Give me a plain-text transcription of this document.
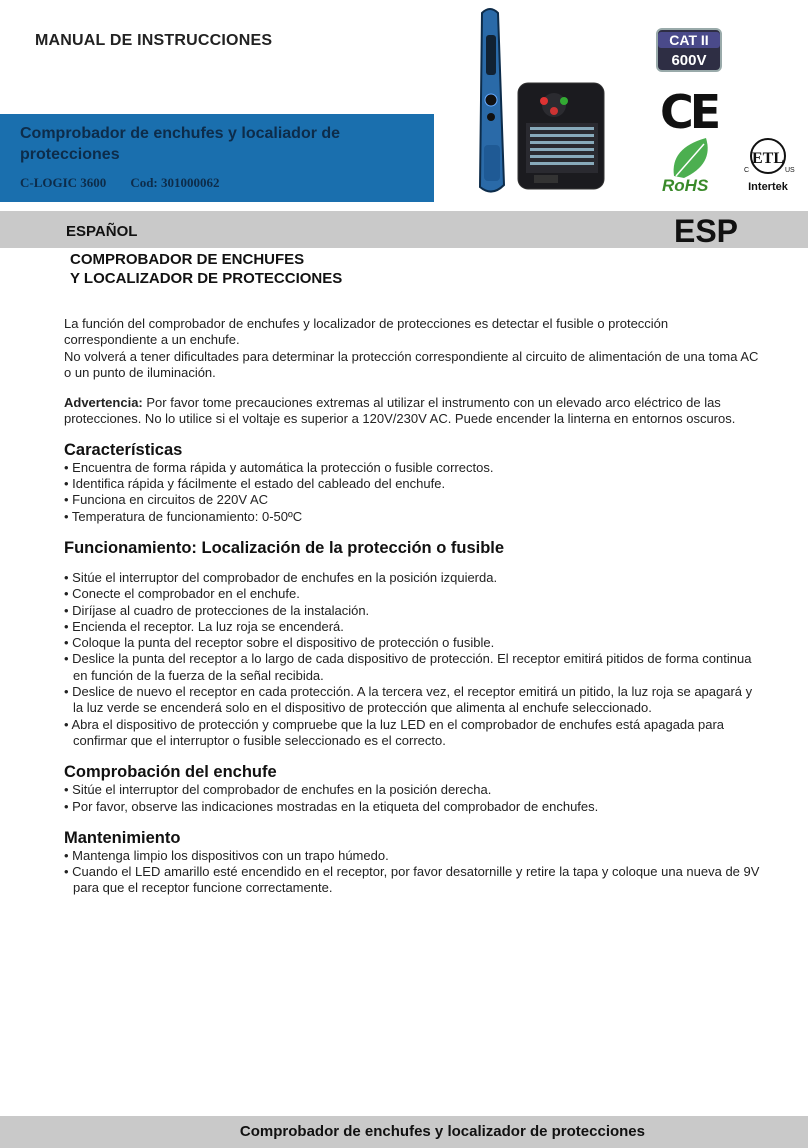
MANUAL DE INSTRUCCIONES
Comprobador de enchufes y localiador de protecciones
C-LOGIC 3600 Cod: 301000062
CAT II
600V
CE
RoHS
ETL
C	US
Intertek
ESPAÑOL	ESP
COMPROBADOR DE ENCHUFES
Y LOCALIZADOR DE PROTECCIONES

La función del comprobador de enchufes y localizador de protecciones es detectar el fusible o protección correspondiente a un enchufe.

No volverá a tener dificultades para determinar la protección correspondiente al circuito de alimentación de una toma AC o un punto de iluminación.

Advertencia: Por favor tome precauciones extremas al utilizar el instrumento con un elevado arco eléctrico de las protecciones. No lo utilice si el voltaje es superior a 120V/230V AC. Puede encender la linterna en entornos oscuros.

Características

• Encuentra de forma rápida y automática la protección o fusible correctos.

• Identifica rápida y fácilmente el estado del cableado del enchufe.

• Funciona en circuitos de 220V AC

• Temperatura de funcionamiento: 0-50ºC

Funcionamiento: Localización de la protección o fusible

• Sitúe el interruptor del comprobador de enchufes en la posición izquierda.

• Conecte el comprobador en el enchufe.

• Diríjase al cuadro de protecciones de la instalación.

• Encienda el receptor. La luz roja se encenderá.

• Coloque la punta del receptor sobre el dispositivo de protección o fusible.

• Deslice la punta del receptor a lo largo de cada dispositivo de protección. El receptor emitirá pitidos de forma continua en función de la fuerza de la señal recibida.

• Deslice de nuevo el receptor en cada protección. A la tercera vez, el receptor emitirá un pitido, la luz roja se apagará y la luz verde se encenderá solo en el dispositivo de protección que alimenta al enchufe seleccionado.

• Abra el dispositivo de protección y compruebe que la luz LED en el comprobador de enchufes está apagada para confirmar que el interruptor o fusible seleccionado es el correcto.

Comprobación del enchufe

• Sitúe el interruptor del comprobador de enchufes en la posición derecha.

• Por favor, observe las indicaciones mostradas en la etiqueta del comprobador de enchufes.

Mantenimiento

• Mantenga limpio los dispositivos con un trapo húmedo.

• Cuando el LED amarillo esté encendido en el receptor, por favor desatornille y retire la tapa y coloque una nueva de 9V para que el receptor funcione correctamente.

Comprobador de enchufes y localizador de protecciones
